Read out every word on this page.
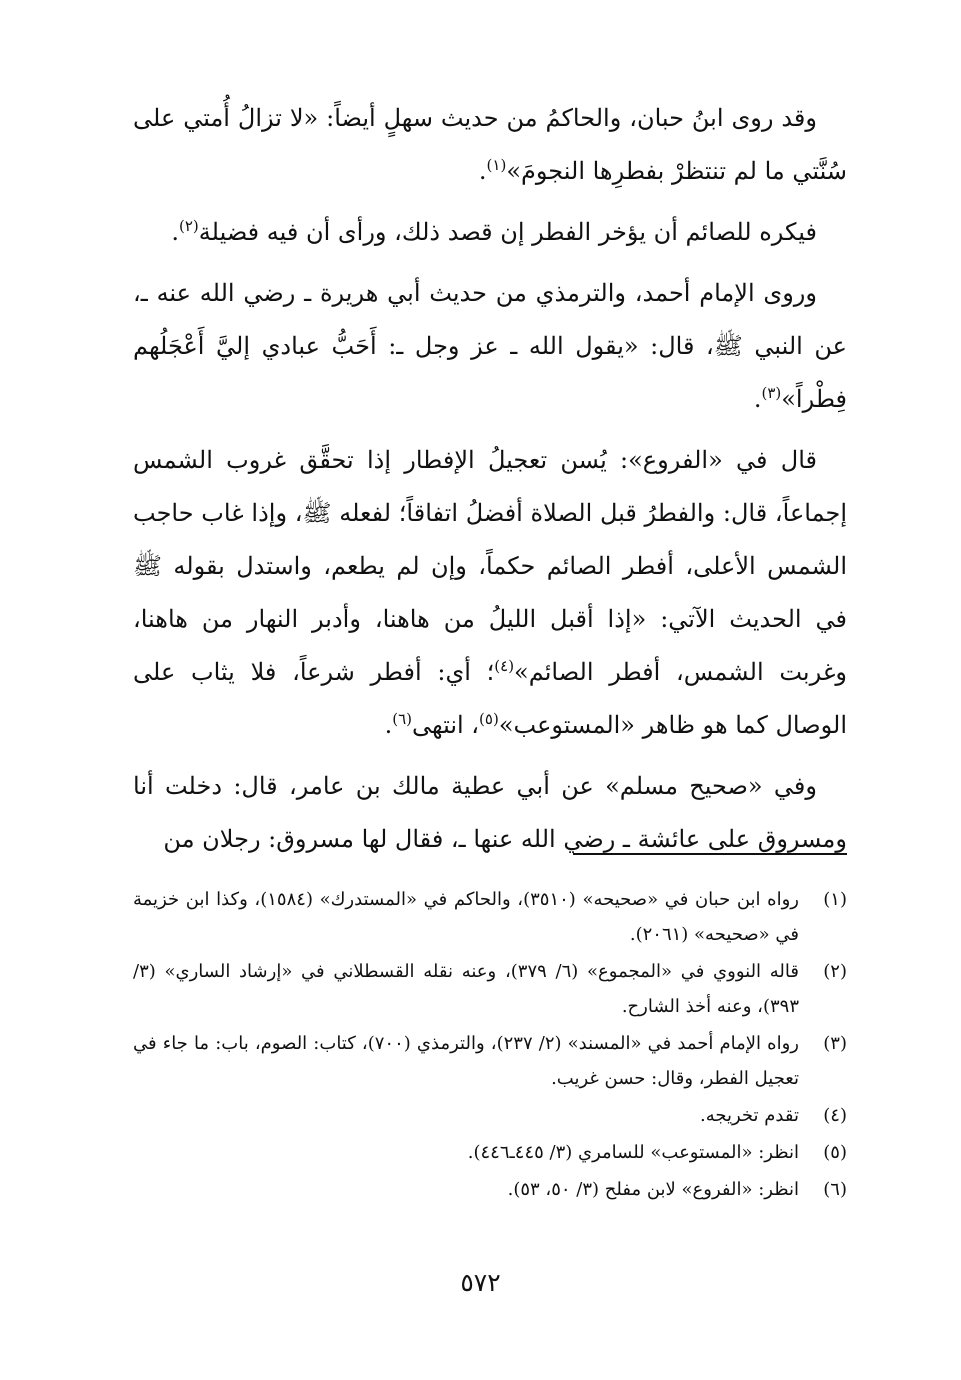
وقد روى ابنُ حبان، والحاكمُ من حديث سهلٍ أيضاً: «لا تزالُ أُمتي على سُنَّتي ما لم تنتظرْ بفطرِها النجومَ»$^{(١)}$.

فيكره للصائم أن يؤخر الفطر إن قصد ذلك، ورأى أن فيه فضيلة$^{(٢)}$.

وروى الإمام أحمد، والترمذي من حديث أبي هريرة ـ رضي الله عنه ـ، عن النبي ﷺ، قال: «يقول الله ـ عز وجل ـ: أَحَبُّ عبادي إليَّ أَعْجَلُهم فِطْراً»$^{(٣)}$.

قال في «الفروع»: يُسن تعجيلُ الإفطار إذا تحقَّق غروب الشمس إجماعاً، قال: والفطرُ قبل الصلاة أفضلُ اتفاقاً؛ لفعله ﷺ، وإذا غاب حاجب الشمس الأعلى، أفطر الصائم حكماً، وإن لم يطعم، واستدل بقوله ﷺ في الحديث الآتي: «إذا أقبل الليلُ من هاهنا، وأدبر النهار من هاهنا، وغربت الشمس، أفطر الصائم»$^{(٤)}$؛ أي: أفطر شرعاً، فلا يثاب على الوصال كما هو ظاهر «المستوعب»$^{(٥)}$، انتهى$^{(٦)}$.

وفي «صحيح مسلم» عن أبي عطية مالك بن عامر، قال: دخلت أنا ومسروق على عائشة ـ رضي الله عنها ـ، فقال لها مسروق: رجلان من

(١)
رواه ابن حبان في «صحيحه» (٣٥١٠)، والحاكم في «المستدرك» (١٥٨٤)، وكذا ابن خزيمة في «صحيحه» (٢٠٦١).
(٢)
قاله النووي في «المجموع» (٦/ ٣٧٩)، وعنه نقله القسطلاني في «إرشاد الساري» (٣/ ٣٩٣)، وعنه أخذ الشارح.
(٣)
رواه الإمام أحمد في «المسند» (٢/ ٢٣٧)، والترمذي (٧٠٠)، كتاب: الصوم، باب: ما جاء في تعجيل الفطر، وقال: حسن غريب.
(٤)
تقدم تخريجه.
(٥)
انظر: «المستوعب» للسامري (٣/ ٤٤٥ـ٤٤٦).
(٦)
انظر: «الفروع» لابن مفلح (٣/ ٥٠، ٥٣).
٥٧٢
